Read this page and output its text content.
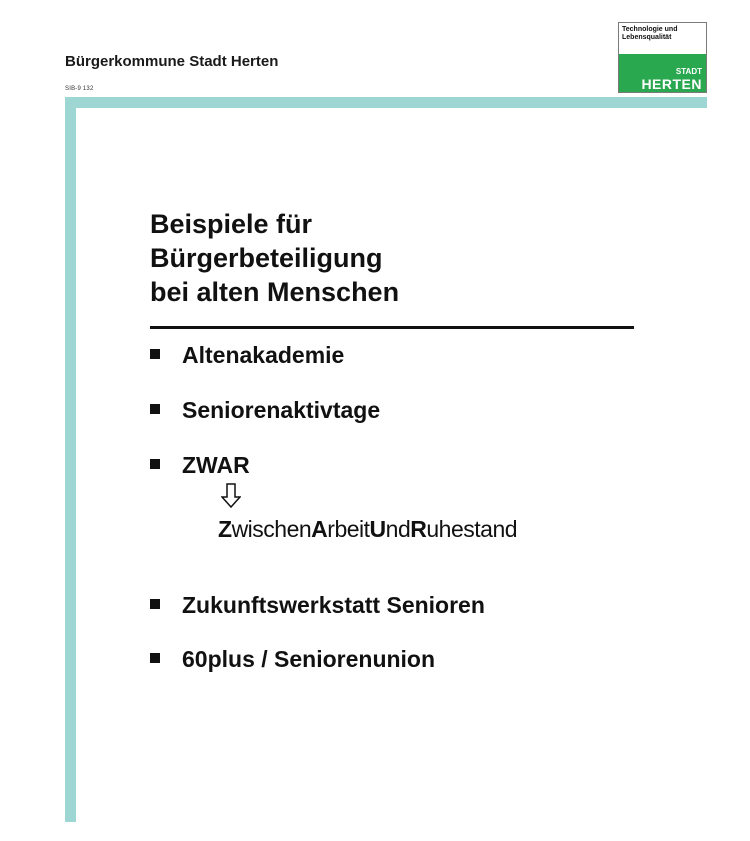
Bürgerkommune Stadt Herten
SIB-9 132
Technologie und
Lebensqualität
STADT
HERTEN
Beispiele für
Bürgerbeteiligung
bei alten Menschen
Altenakademie
Seniorenaktivtage
ZWAR
ZwischenArbeitUndRuhestand
Zukunftswerkstatt Senioren
60plus / Seniorenunion
